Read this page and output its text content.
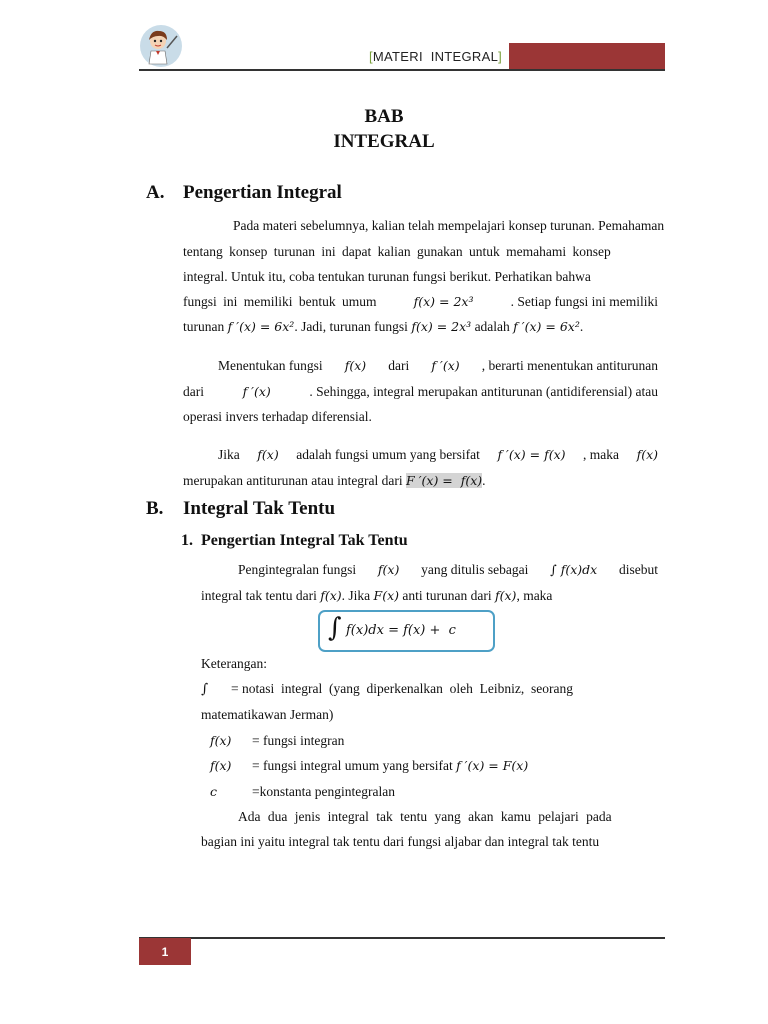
[MATERI  INTEGRAL]
BAB
INTEGRAL
A. Pengertian Integral
Pada materi sebelumnya, kalian telah mempelajari konsep turunan. Pemahaman
tentang konsep turunan ini dapat kalian gunakan untuk memahami konsep
integral. Untuk itu, coba tentukan turunan fungsi berikut. Perhatikan bahwa
fungsi ini memiliki bentuk umum	f(x) = 2x³	. Setiap fungsi ini memiliki
turunan f ′(x) = 6x². Jadi, turunan fungsi f(x) = 2x³ adalah f ′(x) = 6x².
Menentukan fungsi f(x) dari f ′(x) , berarti menentukan antiturunan
dari	f ′(x)	. Sehingga, integral merupakan antiturunan (antidiferensial) atau
operasi invers terhadap diferensial.
Jika f(x) adalah fungsi umum yang bersifat f ′(x) = f(x) , maka f(x)
merupakan antiturunan atau integral dari F ′(x) =  f(x).
B. Integral Tak Tentu
1. Pengertian Integral Tak Tentu
Pengintegralan fungsi f(x) yang ditulis sebagai ∫ f(x)dx disebut
integral tak tentu dari f(x). Jika F(x) anti turunan dari f(x), maka
∫ f(x)dx = f(x) +  c
Keterangan:
∫ = notasi  integral  (yang  diperkenalkan  oleh  Leibniz,  seorang
matematikawan Jerman)
f(x) = fungsi integran
f(x) = fungsi integral umum yang bersifat f ′(x) = F(x)
c	=konstanta pengintegralan
Ada dua jenis integral tak tentu yang akan kamu pelajari pada
bagian ini yaitu integral tak tentu dari fungsi aljabar dan integral tak tentu
1
